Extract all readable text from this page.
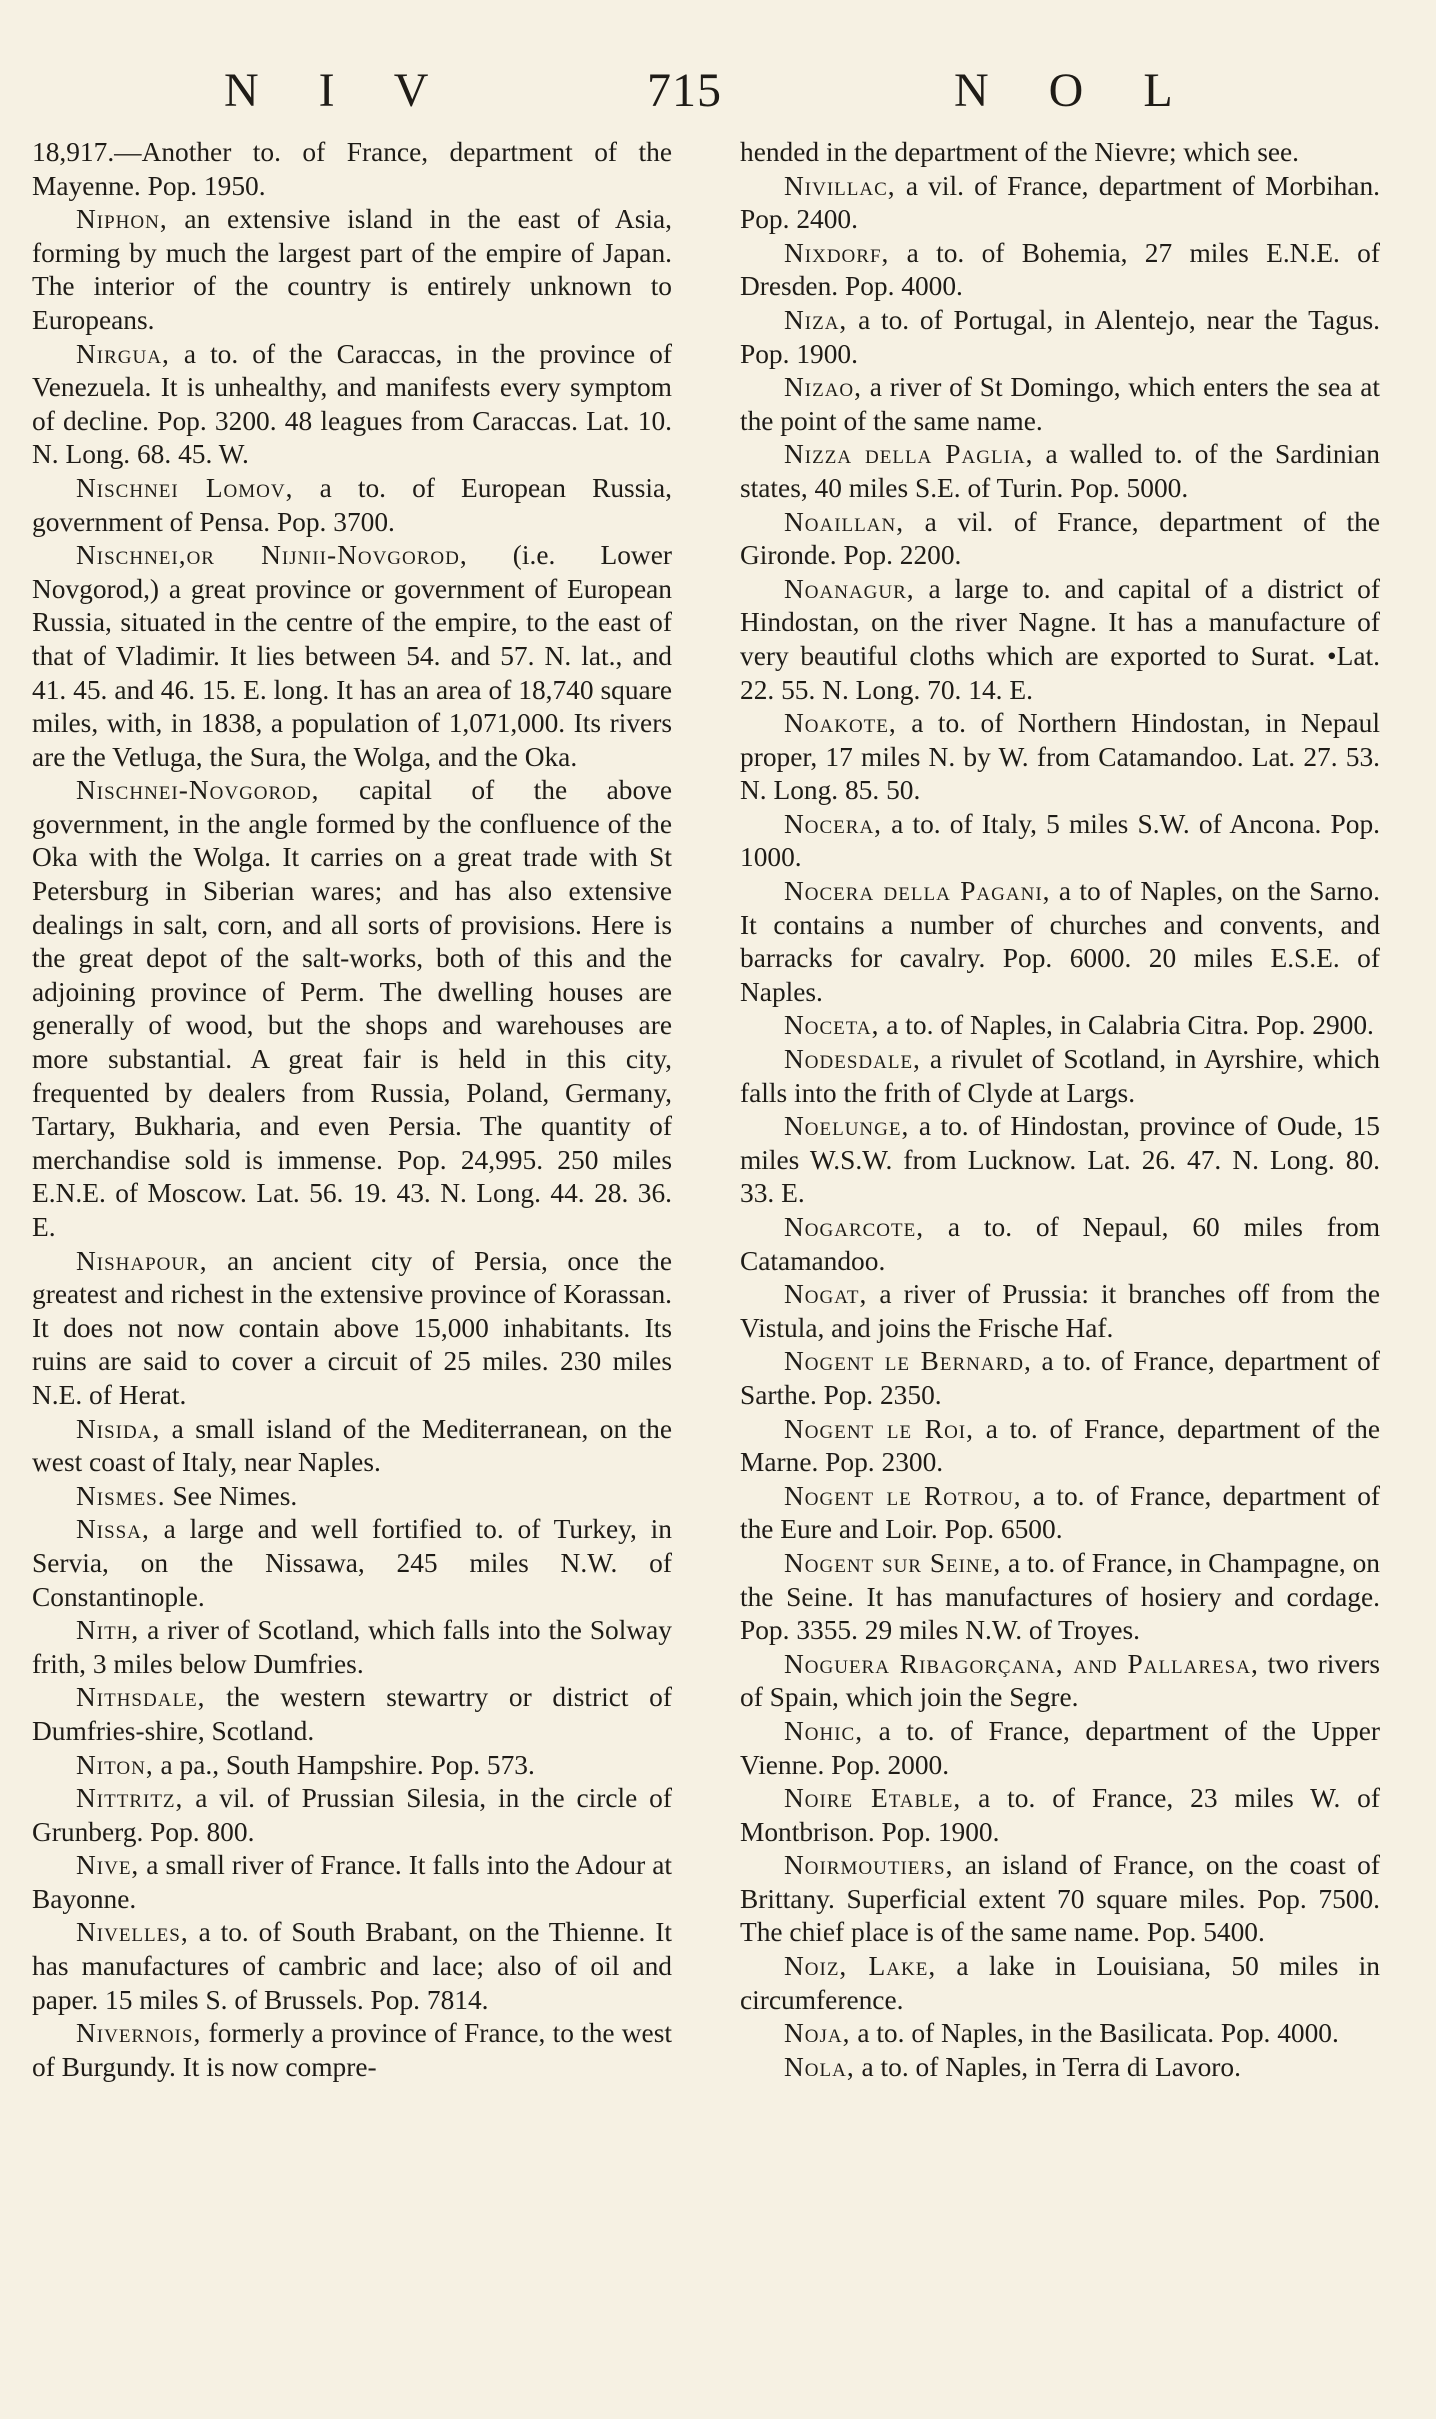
N I V	715	N O L

18,917.—Another to. of France, department of the Mayenne. Pop. 1950.

Niphon, an extensive island in the east of Asia, forming by much the largest part of the empire of Japan. The interior of the country is entirely unknown to Europeans.

Nirgua, a to. of the Caraccas, in the province of Venezuela. It is unhealthy, and manifests every symptom of decline. Pop. 3200. 48 leagues from Caraccas. Lat. 10. N. Long. 68. 45. W.

Nischnei Lomov, a to. of European Russia, government of Pensa. Pop. 3700.

Nischnei,or Nijnii-Novgorod, (i.e. Lower Novgorod,) a great province or government of European Russia, situated in the centre of the empire, to the east of that of Vladimir. It lies between 54. and 57. N. lat., and 41. 45. and 46. 15. E. long. It has an area of 18,740 square miles, with, in 1838, a population of 1,071,000. Its rivers are the Vetluga, the Sura, the Wolga, and the Oka.

Nischnei-Novgorod, capital of the above government, in the angle formed by the confluence of the Oka with the Wolga. It carries on a great trade with St Petersburg in Siberian wares; and has also extensive dealings in salt, corn, and all sorts of provisions. Here is the great depot of the salt-works, both of this and the adjoining province of Perm. The dwelling houses are generally of wood, but the shops and warehouses are more substantial. A great fair is held in this city, frequented by dealers from Russia, Poland, Germany, Tartary, Bukharia, and even Persia. The quantity of merchandise sold is immense. Pop. 24,995. 250 miles E.N.E. of Moscow. Lat. 56. 19. 43. N. Long. 44. 28. 36. E.

Nishapour, an ancient city of Persia, once the greatest and richest in the extensive province of Korassan. It does not now contain above 15,000 inhabitants. Its ruins are said to cover a circuit of 25 miles. 230 miles N.E. of Herat.

Nisida, a small island of the Mediterranean, on the west coast of Italy, near Naples.

Nismes. See Nimes.

Nissa, a large and well fortified to. of Turkey, in Servia, on the Nissawa, 245 miles N.W. of Constantinople.

Nith, a river of Scotland, which falls into the Solway frith, 3 miles below Dumfries.

Nithsdale, the western stewartry or district of Dumfries-shire, Scotland.

Niton, a pa., South Hampshire. Pop. 573.

Nittritz, a vil. of Prussian Silesia, in the circle of Grunberg. Pop. 800.

Nive, a small river of France. It falls into the Adour at Bayonne.

Nivelles, a to. of South Brabant, on the Thienne. It has manufactures of cambric and lace; also of oil and paper. 15 miles S. of Brussels. Pop. 7814.

Nivernois, formerly a province of France, to the west of Burgundy. It is now compre-

hended in the department of the Nievre; which see.

Nivillac, a vil. of France, department of Morbihan. Pop. 2400.

Nixdorf, a to. of Bohemia, 27 miles E.N.E. of Dresden. Pop. 4000.

Niza, a to. of Portugal, in Alentejo, near the Tagus. Pop. 1900.

Nizao, a river of St Domingo, which enters the sea at the point of the same name.

Nizza della Paglia, a walled to. of the Sardinian states, 40 miles S.E. of Turin. Pop. 5000.

Noaillan, a vil. of France, department of the Gironde. Pop. 2200.

Noanagur, a large to. and capital of a district of Hindostan, on the river Nagne. It has a manufacture of very beautiful cloths which are exported to Surat. •Lat. 22. 55. N. Long. 70. 14. E.

Noakote, a to. of Northern Hindostan, in Nepaul proper, 17 miles N. by W. from Catamandoo. Lat. 27. 53. N. Long. 85. 50.

Nocera, a to. of Italy, 5 miles S.W. of Ancona. Pop. 1000.

Nocera della Pagani, a to of Naples, on the Sarno. It contains a number of churches and convents, and barracks for cavalry. Pop. 6000. 20 miles E.S.E. of Naples.

Noceta, a to. of Naples, in Calabria Citra. Pop. 2900.

Nodesdale, a rivulet of Scotland, in Ayrshire, which falls into the frith of Clyde at Largs.

Noelunge, a to. of Hindostan, province of Oude, 15 miles W.S.W. from Lucknow. Lat. 26. 47. N. Long. 80. 33. E.

Nogarcote, a to. of Nepaul, 60 miles from Catamandoo.

Nogat, a river of Prussia: it branches off from the Vistula, and joins the Frische Haf.

Nogent le Bernard, a to. of France, department of Sarthe. Pop. 2350.

Nogent le Roi, a to. of France, department of the Marne. Pop. 2300.

Nogent le Rotrou, a to. of France, department of the Eure and Loir. Pop. 6500.

Nogent sur Seine, a to. of France, in Champagne, on the Seine. It has manufactures of hosiery and cordage. Pop. 3355. 29 miles N.W. of Troyes.

Noguera Ribagorçana, and Pallaresa, two rivers of Spain, which join the Segre.

Nohic, a to. of France, department of the Upper Vienne. Pop. 2000.

Noire Etable, a to. of France, 23 miles W. of Montbrison. Pop. 1900.

Noirmoutiers, an island of France, on the coast of Brittany. Superficial extent 70 square miles. Pop. 7500. The chief place is of the same name. Pop. 5400.

Noiz, Lake, a lake in Louisiana, 50 miles in circumference.

Noja, a to. of Naples, in the Basilicata. Pop. 4000.

Nola, a to. of Naples, in Terra di Lavoro.
